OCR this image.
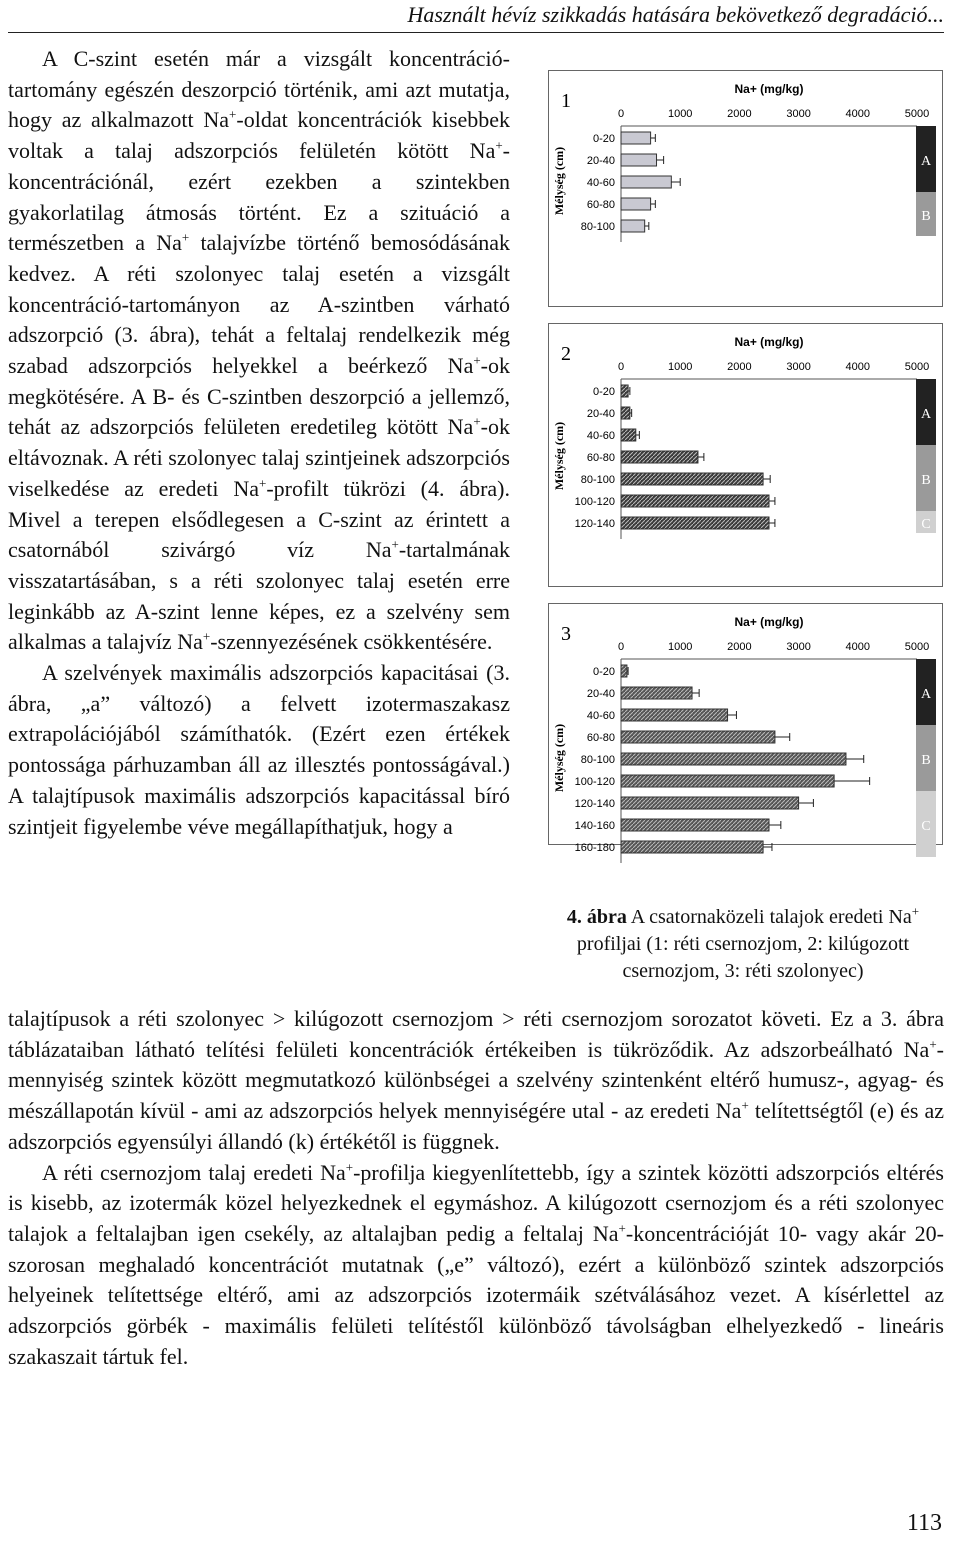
Használt hévíz szikkadás hatására bekövetkező degradáció...

A C-szint esetén már a vizsgált koncentráció-tartomány egészén deszorpció történik, ami azt mutatja, hogy az alkalmazott Na+-oldat koncentrációk kisebbek voltak a talaj adszorpciós felületén kötött Na+-koncentrációnál, ezért ezekben a szintekben gyakorlatilag átmosás történt. Ez a szituáció a természetben a Na+ talajvízbe történő bemosódásának kedvez. A réti szolonyec talaj esetén a vizsgált koncentráció-tartományon az A-szintben várható adszorpció (3. ábra), tehát a feltalaj rendelkezik még szabad adszorpciós helyekkel a beérkező Na+-ok megkötésére. A B- és C-szintben deszorpció a jellemző, tehát az adszorpciós felületen eredetileg kötött Na+-ok eltávoznak. A réti szolonyec talaj szintjeinek adszorpciós viselkedése az eredeti Na+-profilt tükrözi (4. ábra). Mivel a terepen elsődlegesen a C-szint az érintett a csatornából szivárgó víz Na+-tartalmának visszatartásában, s a réti szolonyec talaj esetén erre leginkább az A-szint lenne képes, ez a szelvény sem alkalmas a talajvíz Na+-szennyezésének csökkentésére.

A szelvények maximális adszorpciós kapacitásai (3. ábra, „a” változó) a felvett izotermaszakasz extrapolációjából számíthatók. (Ezért ezen értékek pontossága párhuzamban áll az illesztés pontosságával.) A talajtípusok maximális adszorpciós kapacitással bíró szintjeit figyelembe véve megállapíthatjuk, hogy a

1
Na+ (mg/kg)
0	1000	2000	3000	4000	5000
Mélység (cm)
0-20
20-40
40-60
60-80
80-100
A
B
2
Na+ (mg/kg)
0	1000	2000	3000	4000	5000
Mélység (cm)
0-20
20-40
40-60
60-80
80-100
100-120
120-140
A
B
C
3
Na+ (mg/kg)
0	1000	2000	3000	4000	5000
Mélység (cm)
0-20
20-40
40-60
60-80
80-100
100-120
120-140
140-160
160-180
A
B
C
4. ábra A csatornaközeli talajok eredeti Na+ profiljai (1: réti csernozjom, 2: kilúgozott csernozjom, 3: réti szolonyec)

talajtípusok a réti szolonyec > kilúgozott csernozjom > réti csernozjom sorozatot követi. Ez a 3. ábra táblázataiban látható telítési felületi koncentrációk értékeiben is tükröződik. Az adszorbeálható Na+-mennyiség szintek között megmutatkozó különbségei a szelvény szintenként eltérő humusz-, agyag- és mészállapotán kívül - ami az adszorpciós helyek mennyiségére utal - az eredeti Na+ telítettségtől (e) és az adszorpciós egyensúlyi állandó (k) értékétől is függnek.

A réti csernozjom talaj eredeti Na+-profilja kiegyenlítettebb, így a szintek közötti adszorpciós eltérés is kisebb, az izotermák közel helyezkednek el egymáshoz. A kilúgozott csernozjom és a réti szolonyec talajok a feltalajban igen csekély, az altalajban pedig a feltalaj Na+-koncentrációját 10- vagy akár 20-szorosan meghaladó koncentrációt mutatnak („e” változó), ezért a különböző szintek adszorpciós helyeinek telítettsége eltérő, ami az adszorpciós izotermáik szétválásához vezet. A kísérlettel az adszorpciós görbék - maximális felületi telítéstől különböző távolságban elhelyezkedő - lineáris szakaszait tártuk fel.

113
